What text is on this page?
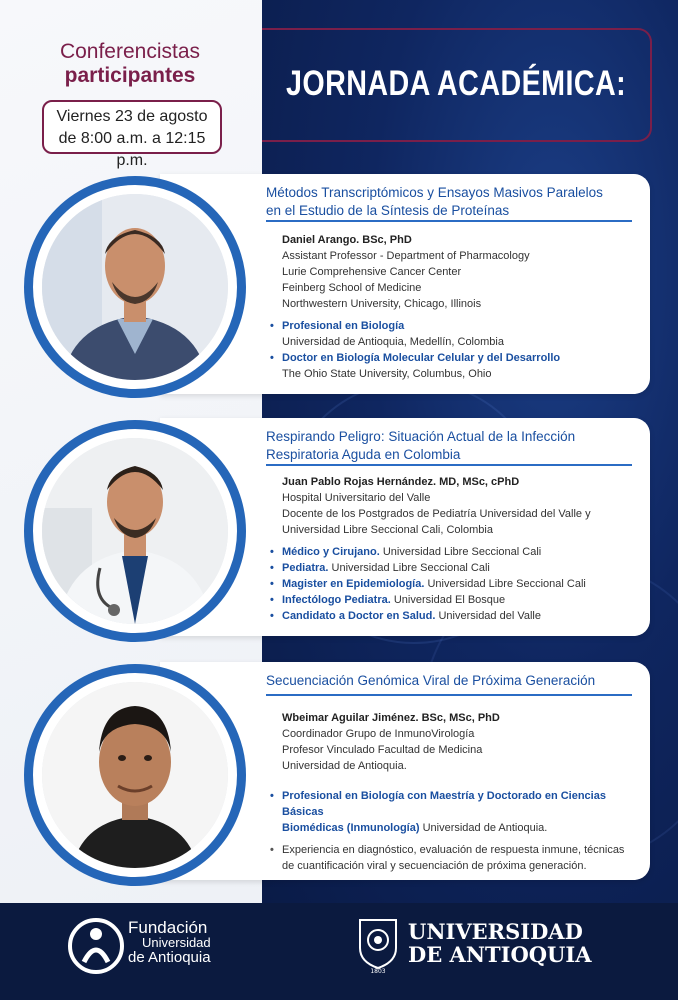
Conferencistas
participantes
Viernes 23 de agosto
de 8:00 a.m. a 12:15 p.m.
JORNADA ACADÉMICA:
Métodos Transcriptómicos y Ensayos Masivos Paralelos
en el Estudio de la Síntesis de Proteínas
Daniel Arango. BSc, PhD
Assistant Professor - Department of Pharmacology
Lurie Comprehensive Cancer Center
Feinberg School of Medicine
Northwestern University, Chicago, Illinois
• Profesional en Biología
Universidad de Antioquia, Medellín, Colombia
• Doctor en Biología Molecular Celular y del Desarrollo
The Ohio State University, Columbus, Ohio
Respirando Peligro: Situación Actual de la Infección
Respiratoria Aguda en Colombia
Juan Pablo Rojas Hernández. MD, MSc, cPhD
Hospital Universitario del Valle
Docente de los Postgrados de Pediatría Universidad del Valle y
Universidad Libre Seccional Cali, Colombia
• Médico y Cirujano. Universidad Libre Seccional Cali
• Pediatra. Universidad Libre Seccional Cali
• Magister en Epidemiología. Universidad Libre Seccional Cali
• Infectólogo Pediatra. Universidad El Bosque
• Candidato a Doctor en Salud. Universidad del Valle
Secuenciación Genómica Viral de Próxima Generación
Wbeimar Aguilar Jiménez. BSc, MSc, PhD
Coordinador Grupo de InmunoVirología
Profesor Vinculado Facultad de Medicina
Universidad de Antioquia.
• Profesional en Biología con Maestría y Doctorado en Ciencias Básicas
Biomédicas (Inmunología) Universidad de Antioquia.
• Experiencia en diagnóstico, evaluación de respuesta inmune, técnicas
de cuantificación viral y secuenciación de próxima generación.
Fundación
Universidad
de Antioquia
1803
UNIVERSIDAD
DE ANTIOQUIA
